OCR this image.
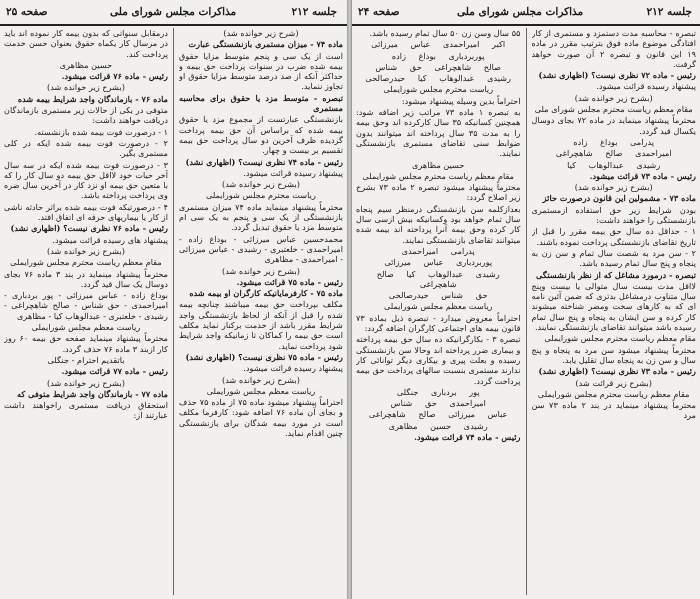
صفحه ۲۵	مذاکرات مجلس شورای ملی	جلسه ۲۱۲

(شرح زیر خوانده شد)

ماده ۷۴ - میزان مستمری بازنشستگی عبارت

است از یک سی و پنجم متوسط مزایا حقوق بیمه شده ضرب در سنوات پرداخت حق بیمه و حداکثر آنکه از صد درصد متوسط مزایا حقوق او تجاوز ننماید.

تبصره - متوسط مزد یا حقوق برای محاسبه مستمری

بازنشستگی عبارتست از مجموع مزد یا حقوق بیمه شده که براساس آن حق بیمه پرداخت گردیده ظرف آخرین دو سال پرداخت حق بیمه تقسیم بر بیست و چهار.

رئیس - ماده ۷۴ نظری نیست؟ (اظهاری نشد)

پیشنهاد رسیده قرائت میشود.

(بشرح زیر خوانده شد)

ریاست محترم مجلس شورایملی

محترماً پیشنهاد مینماید ماده ۷۴ میزان مستمری بازنشستگی از یک سی و پنجم به یک سی ام متوسط مزد یا حقوق تبدیل گردد.

محمدحسین عباس میرزائی - بوداغ زاده - امیراحمدی - خلعتبری - رشیدی - عباس میرزائی - امیراحمدی - مظاهری

(بشرح زیر خوانده شد)

رئیس - ماده ۷۵ قرائت میشود.

ماده ۷۵ - کارفرمایانیکه کارگران او بیمه شده

مکلف بپرداخت حق بیمه میباشند چنانچه بیمه شده را قبل از آنکه از لحاظ بازنشستگی واجد شرایط مقرر باشد از خدمت برکنار نماید مکلف است حق بیمه را کماکان تا زمانیکه واجد شرایط شود پرداخت نماید.

رئیس - ماده ۷۵ نظری نیست؟ (اظهاری نشد)

پیشنهاد رسیده قرائت میشود.

(بشرح زیر خوانده شد)

ریاست معظم مجلس شورایملی

احتراماً پیشنهاد میشود ماده ۷۵ از ماده ۷۵ حذف و بجای آن ماده ۷۶ اضافه شود: کارفرما مکلف است در مورد بیمه شدگان برای بازنشستگی چنین اقدام نماید.

درمقابل سنواتی که بدون بیمه کار نموده اند باید در مرسال کار یکماه حقوق بعنوان حسن خدمت پرداخت کند.

حسین مظاهری

رئیس - ماده ۷۶ قرائت میشود.

(بشرح زیر خوانده شد)

ماده ۷۶ - بازماندگان واجد شرایط بیمه شده

متوفی در یکی از حالات زیر مستمری بازماندگان دریافت خواهند داشت:

۱ - درصورت فوت بیمه شده بازنشسته.

۲ - درصورت فوت بیمه شده ایکه در کلی مستمری بگیر.

۳ - درصورت فوت بیمه شده ایکه در سه سال آخر حیات خود لااقل حق بیمه دو سال کار را که با متعین حق بیمه او نزد کار در آخرین سال ضره وی پرداخت پرداخته باشد.

۴ - درصورتیکه فوت بیمه شده براثر حادثه ناشی از کار یا بیماریهای حرفه ای اتفاق افتد.

رئیس - ماده ۷۶ نظری نیست؟ (اظهاری نشد)

پیشنهاد های رسیده قرائت میشود.

(بشرح زیر خوانده شد)

مقام معظم ریاست محترم مجلس شورایملی

محترماً پیشنهاد مینماید در بند ۳ ماده ۷۶ بجای دوسال یک سال قید گردد.

بوداغ زاده - عباس میرزائی - پور بردباری - امیراحمدی - حق شناس - صالح شاهچراغی - رشیدی - خلعتبری - عبدالوهاب کیا - مظاهری

ریاست معظم مجلس شورایملی

محترماً پیشنهاد مینماید صفحه حق بیمه ۶۰ روز کار ازبند ۳ ماده ۷۶ حذف گردد.

باتقدیم احترام - جنگلی

رئیس - ماده ۷۷ قرائت میشود.

(بشرح زیر خوانده شد)

ماده ۷۷ - بازماندگان واجد شرایط متوفی که

استحقاق دریافت مستمری راخواهند داشت عبارتند از:

صفحه ۲۴	مذاکرات مجلس شورای ملی	جلسه ۲۱۲

تبصره - محاسبه مدت دستمزد و مستمری از کار افتادگی موضوع ماده فوق بترتیب مقرر در ماده ۱۹ این قانون و تبصره ۲ آن صورت خواهد گرفت.

رئیس - ماده ۷۲ نظری نیست؟ (اظهاری نشد)

پیشنهاد رسیده قرائت میشود.

(بشرح زیر خوانده شد)

مقام معظم ریاست محترم مجلس شورای ملی

محترماً پیشنهاد مینماید در ماده ۷۲ بجای دوسال یکسال قید گردد.

پدرامی بوداغ زاده

امیراحمدی صالح شاهچراغی

رشیدی عبدالوهاب کیا

رئیس - ماده ۷۳ قرائت میشود.

(بشرح زیر خوانده شد)

ماده ۷۳ - مشمولین این قانون درصورت حائز

بودن شرایط زیر حق استفاده ازمستمری بازنشستگی را خواهند داشت:

۱ - حداقل ده سال حق بیمه مقرر را قبل از تاریخ تقاضای بازنشستگی پرداخت نموده باشند.

۲ - سن مرد به شصت سال تمام و سن زن به پنجاه و پنج سال تمام رسیده باشد.

تبصره - درمورد مشاغل که از نظر بازنشستگی

لااقل مدت بیست سال متوالی یا بیست وپنج سال متناوب درمشاغل بدتری که ضمن آئین نامه ای که به کارهای سخت ومضر شناخته میشوند کار کرده و سن ایشان به پنجاه و پنج سال تمام رسیده باشد میتوانند تقاضای بازنشستگی نمایند.

مقام معظم ریاست محترم مجلس شورایملی

محترماً پیشنهاد میشود سن مرد به پنجاه و پنج سال و سن زن به پنجاه سال تقلیل یابد.

رئیس - ماده ۷۳ نظری نیست؟ (اظهاری نشد)

(بشرح زیر قرائت شد)

مقام معظم ریاست محترم مجلس شورایملی

محترماً پیشنهاد مینماید در بند ۲ ماده ۷۳ سن مرد

۵۵ سال وسن زن ۵۰ سال تمام رسیده باشد.

اکبر امیراحمدی عباس میرزائی

پوربردباری بوداغ زاده

صالح شاهچراغی حق شناس

رشیدی عبدالوهاب کیا حیدرصالحی

ریاست محترم مجلس شورایملی

احتراماً بدین وسیله پیشنهاد میشود:

به تبصره ۱ ماده ۷۳ مراتب زیر اضافه شود: همچنین کسانیکه ۳۵ سال کارکرده اند وحق بیمه را به مدت ۳۵ سال پرداخته اند میتوانند بدون ضوابط سنی تقاضای مستمری بازنشستگی نمایند.

حسین مظاهری

مقام معظم ریاست محترم مجلس شورایملی

محترماً پیشنهاد میشود تبصره ۲ ماده ۷۳ بشرح زیر اصلاح گردد:

بعدازکلمه سن بازنشستگی درمنظر سیم پنجاه سال تمام خواهد بود وکسانیکه بیش ازسی سال کار کرده وحق بیمه آنرا پرداخته اند بیمه شده میتوانند تقاضای بازنشستگی نمایند.

پدرامی امیراحمدی

پوربردباری عباس میرزائی

رشیدی عبدالوهاب کیا صالح شاهچراغی

حق شناس حیدرصالحی

ریاست معظم مجلس شورایملی

احتراماً معروض میدارد - تبصره ذیل بماده ۷۳ قانون بیمه های اجتماعی کارگران اضافه گردد:

تبصره ۳ - بکارگرانیکه ده سال حق بیمه پرداخته و بیماری ضرر پرداخته اند وحالا سن بازنشستگی رسیده و بعلت پیری و بیکاری دیگر توانائی کار ندارند مستمری بنسبت سالهای پرداخت حق بیمه پرداخت گردد.

پور بردباری جنگلی

امیراحمدی حق شناس

عباس میرزائی صالح شاهچراغی

رشیدی حسین مظاهری

رئیس - ماده ۷۴ قرائت میشود.
